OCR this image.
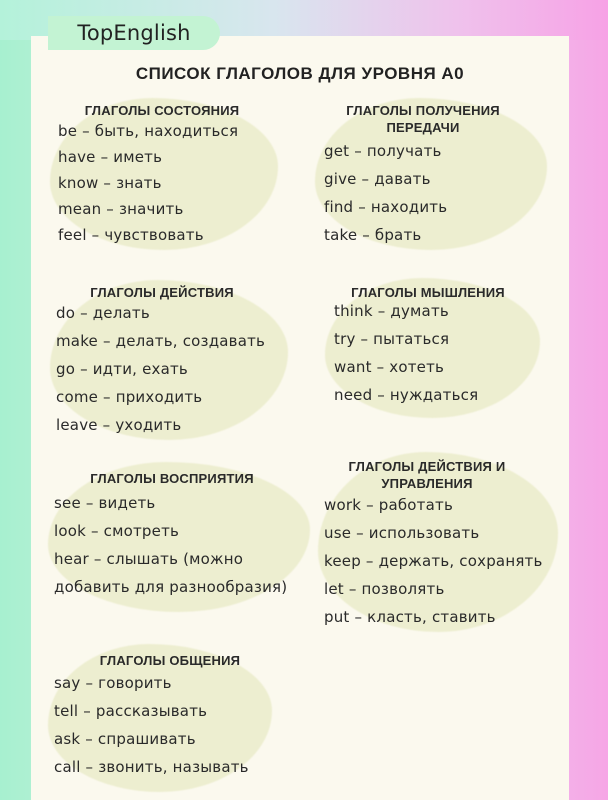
TopEnglish
СПИСОК ГЛАГОЛОВ ДЛЯ УРОВНЯ А0
ГЛАГОЛЫ СОСТОЯНИЯ
be – быть, находиться
have – иметь
know – знать
mean – значить
feel – чувствовать
ГЛАГОЛЫ ПОЛУЧЕНИЯ ПЕРЕДАЧИ
get – получать
give – давать
find – находить
take – брать
ГЛАГОЛЫ ДЕЙСТВИЯ
do – делать
make – делать, создавать
go – идти, ехать
come – приходить
leave – уходить
ГЛАГОЛЫ МЫШЛЕНИЯ
think – думать
try – пытаться
want – хотеть
need – нуждаться
ГЛАГОЛЫ ВОСПРИЯТИЯ
see – видеть
look – смотреть
hear – слышать (можно
добавить для разнообразия)
ГЛАГОЛЫ ДЕЙСТВИЯ И УПРАВЛЕНИЯ
work – работать
use – использовать
keep – держать, сохранять
let – позволять
put – класть, ставить
ГЛАГОЛЫ ОБЩЕНИЯ
say – говорить
tell – рассказывать
ask – спрашивать
call – звонить, называть
